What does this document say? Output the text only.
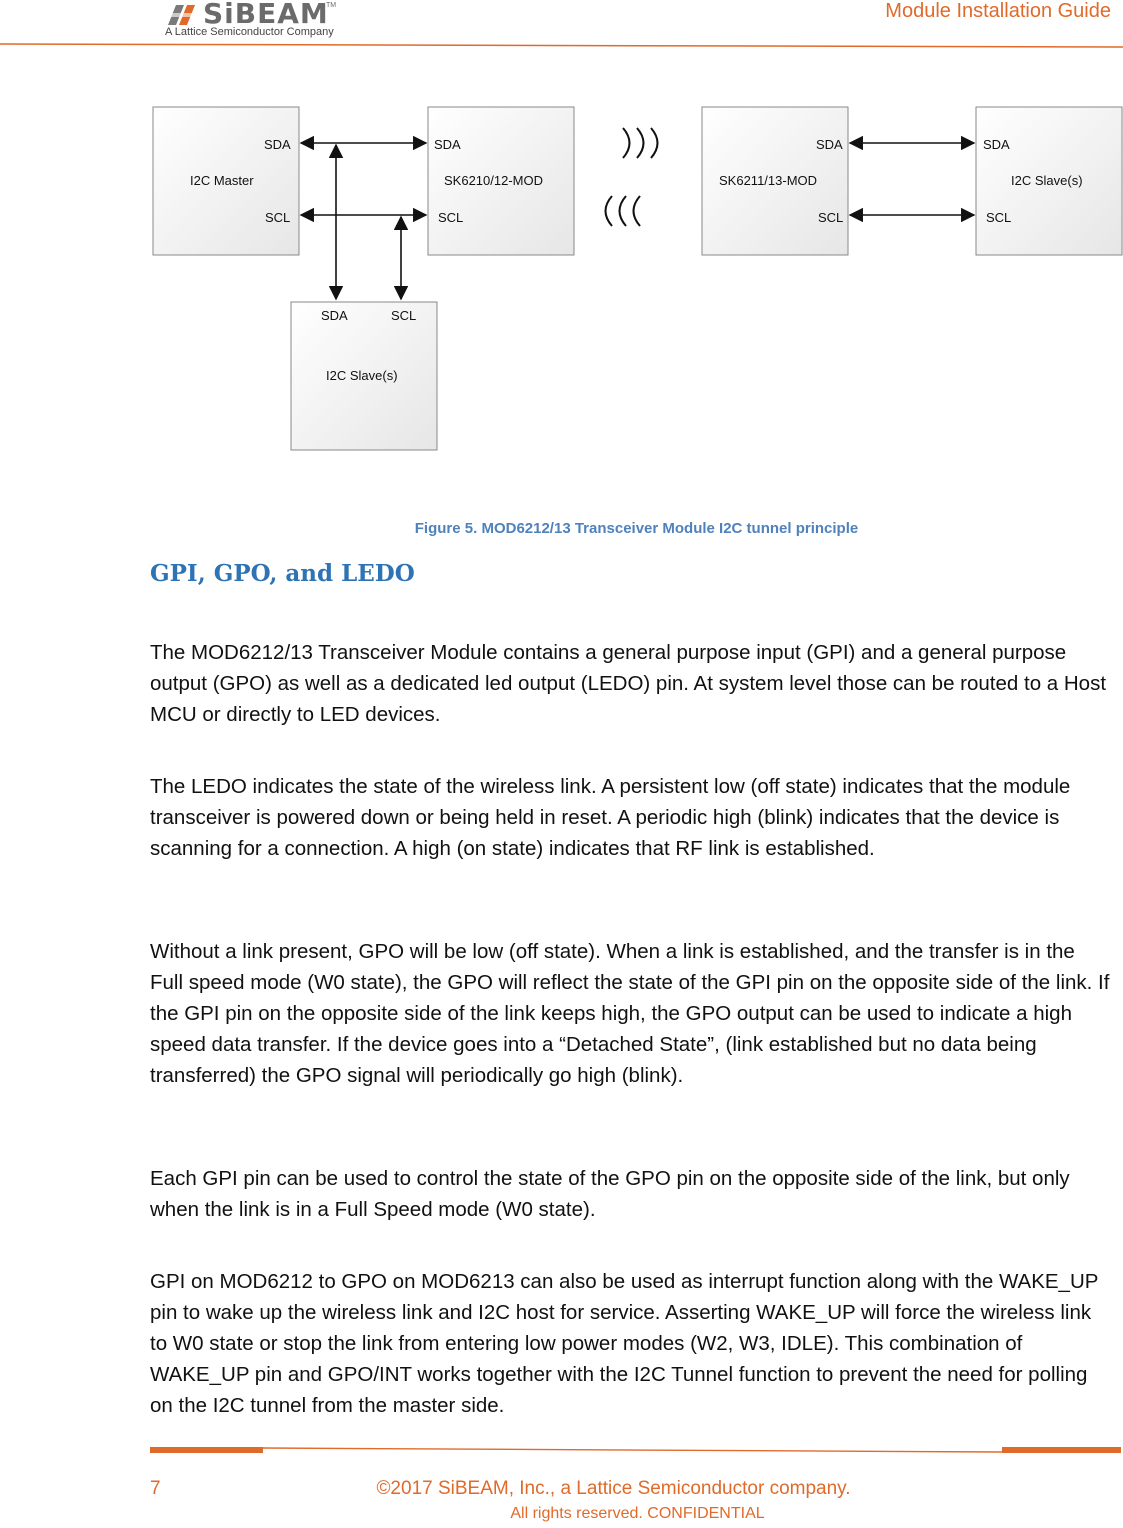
SiBEAM
TM
A Lattice Semiconductor Company
Module Installation Guide
I2C Master
SDA
SCL
SK6210/12-MOD
SDA
SCL
SK6211/13-MOD
SDA
SCL
I2C Slave(s)
SDA
SCL
I2C Slave(s)
SDA	SCL
Figure 5. MOD6212/13 Transceiver Module I2C tunnel principle
GPI, GPO, and LEDO

The MOD6212/13 Transceiver Module contains a general purpose input (GPI) and a general purpose output (GPO) as well as a dedicated led output (LEDO) pin. At system level those can be routed to a Host MCU or directly to LED devices.

The LEDO indicates the state of the wireless link. A persistent low (off state) indicates that the module transceiver is powered down or being held in reset. A periodic high (blink) indicates that the device is scanning for a connection. A high (on state) indicates that RF link is established.

Without a link present, GPO will be low (off state). When a link is established, and the transfer is in the Full speed mode (W0 state), the GPO will reflect the state of the GPI pin on the opposite side of the link. If the GPI pin on the opposite side of the link keeps high, the GPO output can be used to indicate a high speed data transfer. If the device goes into a “Detached State”, (link established but no data being transferred) the GPO signal will periodically go high (blink).

Each GPI pin can be used to control the state of the GPO pin on the opposite side of the link, but only when the link is in a Full Speed mode (W0 state).

GPI on MOD6212 to GPO on MOD6213 can also be used as interrupt function along with the WAKE_UP pin to wake up the wireless link and I2C host for service. Asserting WAKE_UP will force the wireless link to W0 state or stop the link from entering low power modes (W2, W3, IDLE). This combination of WAKE_UP pin and GPO/INT works together with the I2C Tunnel function to prevent the need for polling on the I2C tunnel from the master side.

7	©2017 SiBEAM, Inc., a Lattice Semiconductor company.
All rights reserved. CONFIDENTIAL
